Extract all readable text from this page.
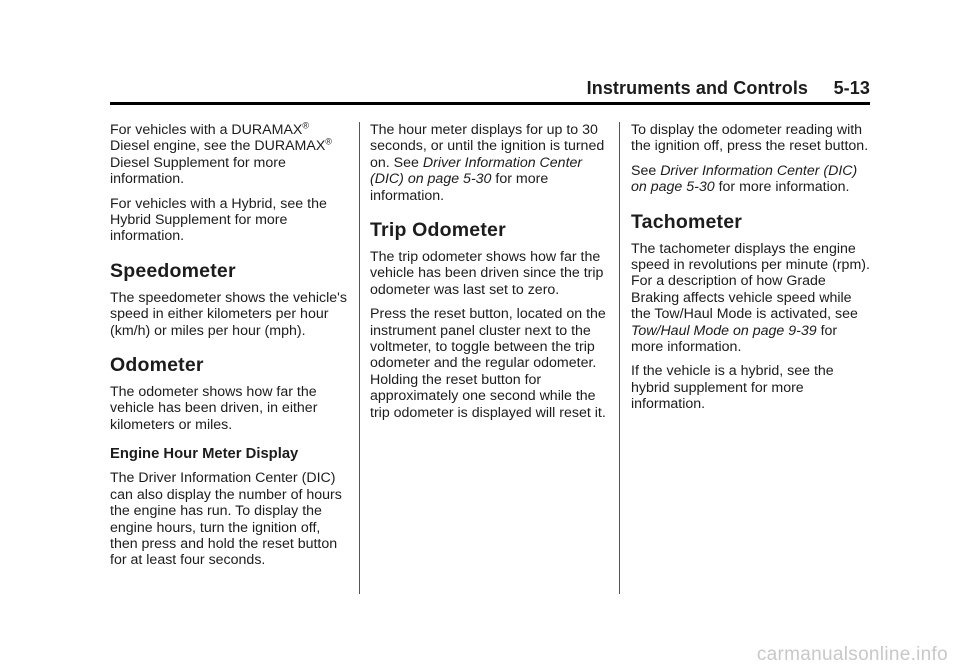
Instruments and Controls 5-13

For vehicles with a DURAMAX®
Diesel engine, see the DURAMAX® Diesel Supplement for more information.

For vehicles with a Hybrid, see the Hybrid Supplement for more information.

Speedometer

The speedometer shows the vehicle's speed in either kilometers per hour (km/h) or miles per hour (mph).

Odometer

The odometer shows how far the vehicle has been driven, in either kilometers or miles.

Engine Hour Meter Display

The Driver Information Center (DIC) can also display the number of hours the engine has run. To display the engine hours, turn the ignition off, then press and hold the reset button for at least four seconds.

The hour meter displays for up to 30 seconds, or until the ignition is turned on. See Driver Information Center (DIC) on page 5-30 for more information.

Trip Odometer

The trip odometer shows how far the vehicle has been driven since the trip odometer was last set to zero.

Press the reset button, located on the instrument panel cluster next to the voltmeter, to toggle between the trip odometer and the regular odometer. Holding the reset button for approximately one second while the trip odometer is displayed will reset it.

To display the odometer reading with the ignition off, press the reset button.

See Driver Information Center (DIC) on page 5-30 for more information.

Tachometer

The tachometer displays the engine speed in revolutions per minute (rpm). For a description of how Grade Braking affects vehicle speed while the Tow/Haul Mode is activated, see Tow/Haul Mode on page 9-39 for more information.

If the vehicle is a hybrid, see the hybrid supplement for more information.

carmanualsonline.info
